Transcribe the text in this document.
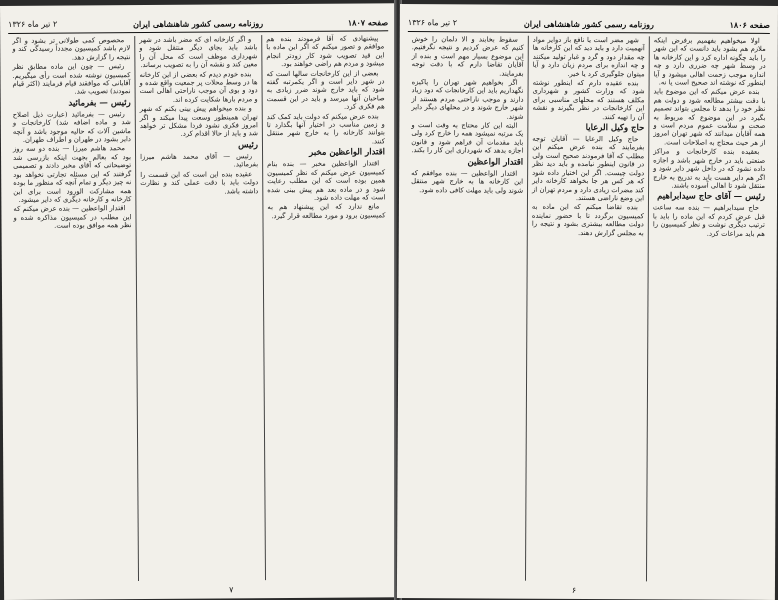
صفحه ۱۸۰۷
روزنامه رسمی کشور شاهنشاهی ایران
۲ تیر ماه ۱۳۲۶

پیشنهادی که آقا فرمودند بنده هم موافقم و تصور میکنم که اگر این ماده با این قید تصویب شود کار زودتر انجام میشود و مردم هم راضی خواهند بود.

بعضی از این کارخانجات سالها است که در شهر دایر است و اگر یکمرتبه گفته شود که باید خارج شوند ضرر زیادی به صاحبان آنها میرسد و باید در این قسمت هم فکری کرد.

بنده عرض میکنم که دولت باید کمک کند و زمین مناسب در اختیار آنها بگذارد تا بتوانند کارخانه را به خارج شهر منتقل کنند.

اقتدار الواعظین مخبر

اقتدار الواعظین مخبر — بنده بنام کمیسیون عرض میکنم که نظر کمیسیون همین بوده است که این مطلب رعایت شود و در ماده بعد هم پیش بینی شده است که مهلت داده شود.

مانع ندارد که این پیشنهاد هم به کمیسیون برود و مورد مطالعه قرار گیرد.

و اگر کارخانه ای که مضر باشد در شهر باشد باید بجای دیگر منتقل شود و شهرداری موظف است که محل آن را معین کند و نقشه آن را به تصویب برساند.

بنده خودم دیدم که بعضی از این کارخانه ها در وسط محلات پر جمعیت واقع شده و دود و بوی آن موجب ناراحتی اهالی است و مردم بارها شکایت کرده اند.

و بنده میخواهم پیش بینی بکنم که شهر تهران همینطور وسعت پیدا میکند و اگر امروز فکری نشود فردا مشکل تر خواهد شد و باید از حالا اقدام کرد.

رئیس

رئیس — آقای محمد هاشم میرزا بفرمائید.

عقیده بنده این است که این قسمت را دولت باید با دقت عملی کند و نظارت داشته باشد.

محصوص کمی طولانی تر بشود و اگر لازم باشد کمیسیون مجدداً رسیدگی کند و نتیجه را گزارش دهد.

رئیس — چون این ماده مطابق نظر کمیسیون نوشته شده است رأی میگیریم. آقایانی که موافقند قیام فرمایند (اکثر قیام نمودند) تصویب شد.

رئیس — بفرمائید

رئیس — بفرمائید (عبارت ذیل اصلاح شد و ماده اضافه شد) کارخانجات و ماشین آلات که حالیه موجود باشد و آنچه دایر بشود در طهران و اطراف طهران.

محمد هاشم میرزا — بنده دو سه روز بود که بعالم بجهت اینکه بازرسی شد توضیحاتی که آقای مخبر دادند و تصمیمی گرفتند که این مسئله تجارتی نخواهد بود نه چیز دیگر و تمام آنچه که منظور ما بوده همه مشارکت الورود است برای این کارخانه و کارخانه دیگری که دایر میشود.

اقتدار الواعظین — بنده عرض میکنم که این مطلب در کمیسیون مذاکره شده و نظر همه موافق بوده است.

۷
صفحه ۱۸۰۶
روزنامه رسمی کشور شاهنشاهی ایران
۲ تیر ماه ۱۳۲۶

اولا میخواهیم بفهمیم برفرض اینکه ملازم هم بشود باید دانست که این شهر را باید چگونه اداره کرد و این کارخانه ها در وسط شهر چه ضرری دارد و چه اندازه موجب زحمت اهالی میشود و آیا اینطور که نوشته اند صحیح است یا نه.

بنده عرض میکنم که این موضوع باید با دقت بیشتر مطالعه شود و دولت هم نظر خود را بدهد تا مجلس بتواند تصمیم بگیرد در این موضوع که مربوط به صحت و سلامت عموم مردم است و همه آقایان میدانند که شهر تهران امروز از هر حیث محتاج به اصلاحات است.

بعقیده بنده کارخانجات و مراکز صنعتی باید در خارج شهر باشد و اجازه داده نشود که در داخل شهر دایر شود و اگر هم دایر هست باید به تدریج به خارج منتقل شود تا اهالی آسوده باشند.

رئیس — آقای حاج سیدابراهیم

حاج سیدابراهیم — بنده سه ساعت قبل عرض کردم که این ماده را باید با ترتیب دیگری نوشت و نظر کمیسیون را هم باید مراعات کرد.

شهر مضر است یا نافع باز دوایر مواد آنهمیت دارد و باید دید که این کارخانه ها چه مقدار دود و گرد و غبار تولید میکنند و چه اندازه برای مردم زیان دارد و آیا میتوان جلوگیری کرد یا خیر.

بنده عقیده دارم که اینطور نوشته شود که وزارت کشور و شهرداری مکلف هستند که محلهای مناسبی برای این کارخانجات در نظر بگیرند و نقشه آن را تهیه کنند.

حاج وکیل الرعایا

حاج وکیل الرعایا — آقایان توجه بفرمایند که بنده عرض میکنم این مطلب که آقا فرمودند صحیح است ولی در قانون اینطور نیامده و باید دید نظر دولت چیست. اگر این اختیار داده شود که هر کس هر جا بخواهد کارخانه دایر کند مضرات زیادی دارد و مردم تهران از این وضع ناراضی هستند.

بنده تقاضا میکنم که این ماده به کمیسیون برگردد تا با حضور نماینده دولت مطالعه بیشتری بشود و نتیجه را به مجلس گزارش دهند.

سقوط بخابند و الا دلمان را خوش کنیم که عرض کردیم و نتیجه نگرفتیم. این موضوع بسیار مهم است و بنده از آقایان تقاضا دارم که با دقت توجه بفرمایند.

اگر بخواهیم شهر تهران را پاکیزه نگهداریم باید این کارخانجات که دود زیاد دارند و موجب ناراحتی مردم هستند از شهر خارج شوند و در محلهای دیگر دایر شوند.

البته این کار محتاج به وقت است و یک مرتبه نمیشود همه را خارج کرد ولی باید مقدمات آن فراهم شود و قانون اجازه بدهد که شهرداری این کار را بکند.

اقتدار الواعظین

اقتدار الواعظین — بنده موافقم که این کارخانه ها به خارج شهر منتقل شوند ولی باید مهلت کافی داده شود.

۶
